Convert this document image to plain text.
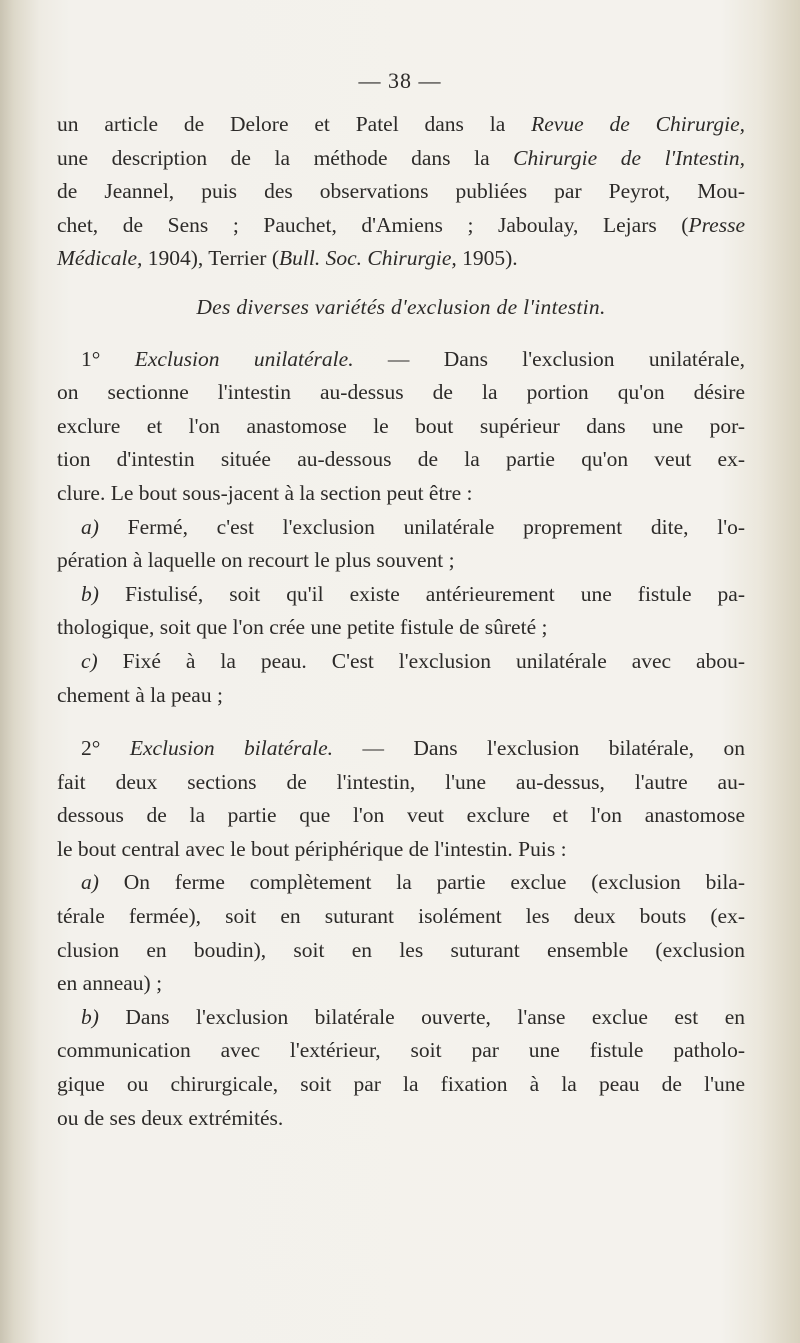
— 38 —

un article de Delore et Patel dans la Revue de Chirurgie,

une description de la méthode dans la Chirurgie de l'Intestin,

de Jeannel, puis des observations publiées par Peyrot, Mou-

chet, de Sens ; Pauchet, d'Amiens ; Jaboulay, Lejars (Presse

Médicale, 1904), Terrier (Bull. Soc. Chirurgie, 1905).

Des diverses variétés d'exclusion de l'intestin.

1° Exclusion unilatérale. — Dans l'exclusion unilatérale,

on sectionne l'intestin au-dessus de la portion qu'on désire

exclure et l'on anastomose le bout supérieur dans une por-

tion d'intestin située au-dessous de la partie qu'on veut ex-

clure. Le bout sous-jacent à la section peut être :

a) Fermé, c'est l'exclusion unilatérale proprement dite, l'o-

pération à laquelle on recourt le plus souvent ;

b) Fistulisé, soit qu'il existe antérieurement une fistule pa-

thologique, soit que l'on crée une petite fistule de sûreté ;

c) Fixé à la peau. C'est l'exclusion unilatérale avec abou-

chement à la peau ;

2° Exclusion bilatérale. — Dans l'exclusion bilatérale, on

fait deux sections de l'intestin, l'une au-dessus, l'autre au-

dessous de la partie que l'on veut exclure et l'on anastomose

le bout central avec le bout périphérique de l'intestin. Puis :

a) On ferme complètement la partie exclue (exclusion bila-

térale fermée), soit en suturant isolément les deux bouts (ex-

clusion en boudin), soit en les suturant ensemble (exclusion

en anneau) ;

b) Dans l'exclusion bilatérale ouverte, l'anse exclue est en

communication avec l'extérieur, soit par une fistule patholo-

gique ou chirurgicale, soit par la fixation à la peau de l'une

ou de ses deux extrémités.
